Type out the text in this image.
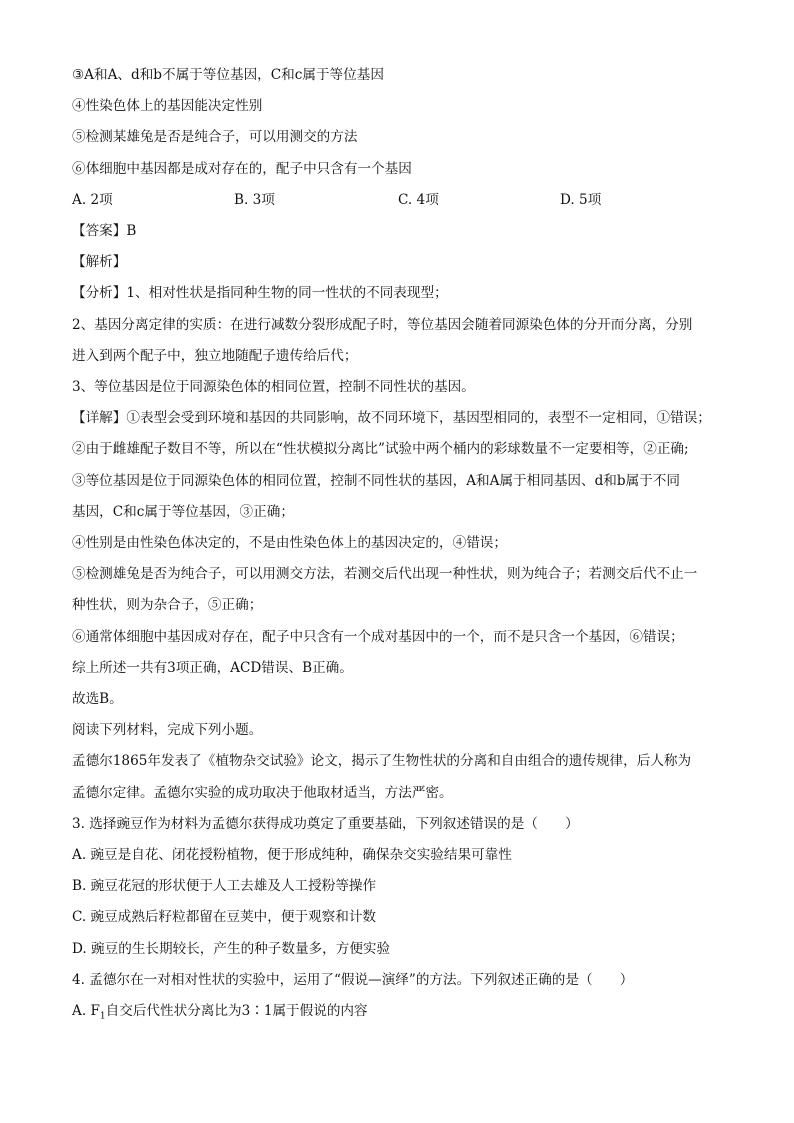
③A和A、d和b不属于等位基因，C和c属于等位基因
④性染色体上的基因能决定性别
⑤检测某雄兔是否是纯合子，可以用测交的方法
⑥体细胞中基因都是成对存在的，配子中只含有一个基因
A. 2项	B. 3项	C. 4项	D. 5项
【答案】B
【解析】
【分析】1、相对性状是指同种生物的同一性状的不同表现型；
2、基因分离定律的实质：在进行减数分裂形成配子时，等位基因会随着同源染色体的分开而分离，分别
进入到两个配子中，独立地随配子遗传给后代；
3、等位基因是位于同源染色体的相同位置，控制不同性状的基因。
【详解】①表型会受到环境和基因的共同影响，故不同环境下，基因型相同的，表型不一定相同，①错误；
②由于雌雄配子数目不等，所以在“性状模拟分离比”试验中两个桶内的彩球数量不一定要相等，②正确;
③等位基因是位于同源染色体的相同位置，控制不同性状的基因，A和A属于相同基因、d和b属于不同
基因，C和c属于等位基因，③正确；
④性别是由性染色体决定的，不是由性染色体上的基因决定的，④错误；
⑤检测雄兔是否为纯合子，可以用测交方法，若测交后代出现一种性状，则为纯合子；若测交后代不止一
种性状，则为杂合子，⑤正确；
⑥通常体细胞中基因成对存在，配子中只含有一个成对基因中的一个，而不是只含一个基因，⑥错误；
综上所述一共有3项正确，ACD错误、B正确。
故选B。
阅读下列材料，完成下列小题。
孟德尔1865年发表了《植物杂交试验》论文，揭示了生物性状的分离和自由组合的遗传规律，后人称为
孟德尔定律。孟德尔实验的成功取决于他取材适当，方法严密。
3. 选择豌豆作为材料为孟德尔获得成功奠定了重要基础，下列叙述错误的是（　　）
A. 豌豆是自花、闭花授粉植物，便于形成纯种，确保杂交实验结果可靠性
B. 豌豆花冠的形状便于人工去雄及人工授粉等操作
C. 豌豆成熟后籽粒都留在豆荚中，便于观察和计数
D. 豌豆的生长期较长，产生的种子数量多，方便实验
4. 孟德尔在一对相对性状的实验中，运用了“假说—演绎”的方法。下列叙述正确的是（　　）
A. $F_1$自交后代性状分离比为3∶1属于假说的内容
